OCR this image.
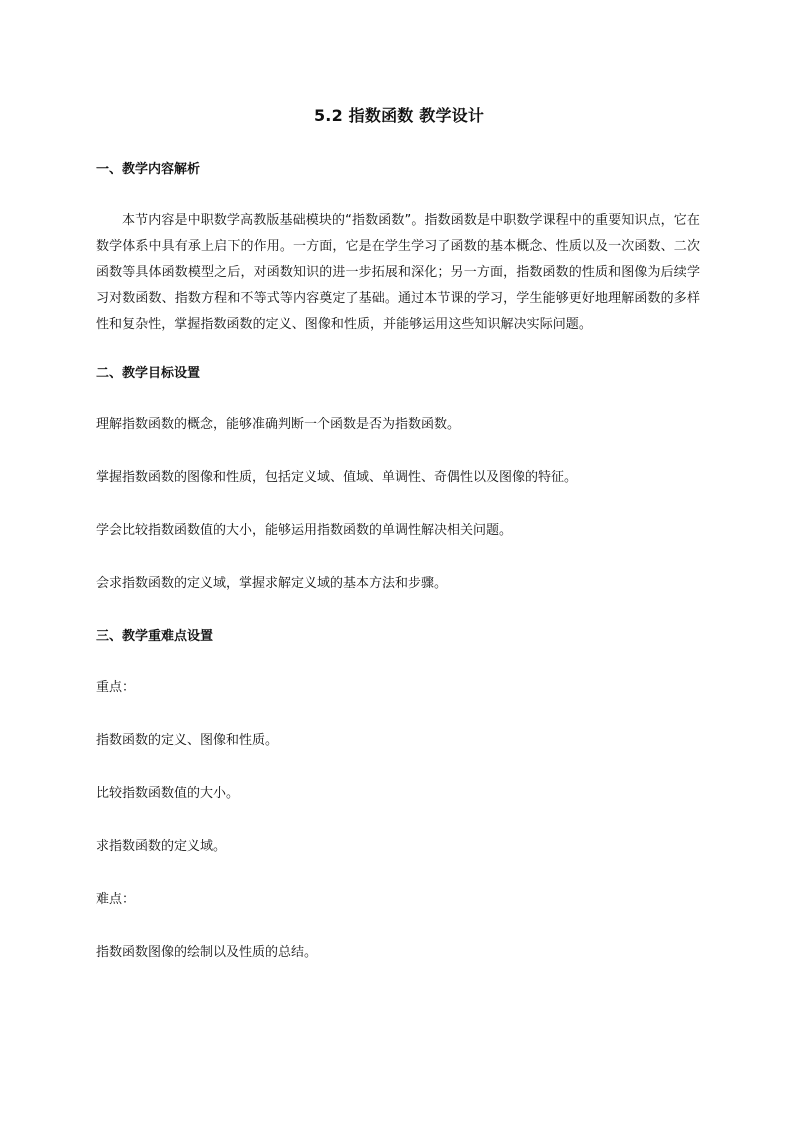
5.2 指数函数 教学设计
一、教学内容解析

本节内容是中职数学高教版基础模块的“指数函数”。指数函数是中职数学课程中的重要知识点，它在数学体系中具有承上启下的作用。一方面，它是在学生学习了函数的基本概念、性质以及一次函数、二次函数等具体函数模型之后，对函数知识的进一步拓展和深化；另一方面，指数函数的性质和图像为后续学习对数函数、指数方程和不等式等内容奠定了基础。通过本节课的学习，学生能够更好地理解函数的多样性和复杂性，掌握指数函数的定义、图像和性质，并能够运用这些知识解决实际问题。

二、教学目标设置

理解指数函数的概念，能够准确判断一个函数是否为指数函数。

掌握指数函数的图像和性质，包括定义域、值域、单调性、奇偶性以及图像的特征。

学会比较指数函数值的大小，能够运用指数函数的单调性解决相关问题。

会求指数函数的定义域，掌握求解定义域的基本方法和步骤。

三、教学重难点设置

重点：

指数函数的定义、图像和性质。

比较指数函数值的大小。

求指数函数的定义域。

难点：

指数函数图像的绘制以及性质的总结。
